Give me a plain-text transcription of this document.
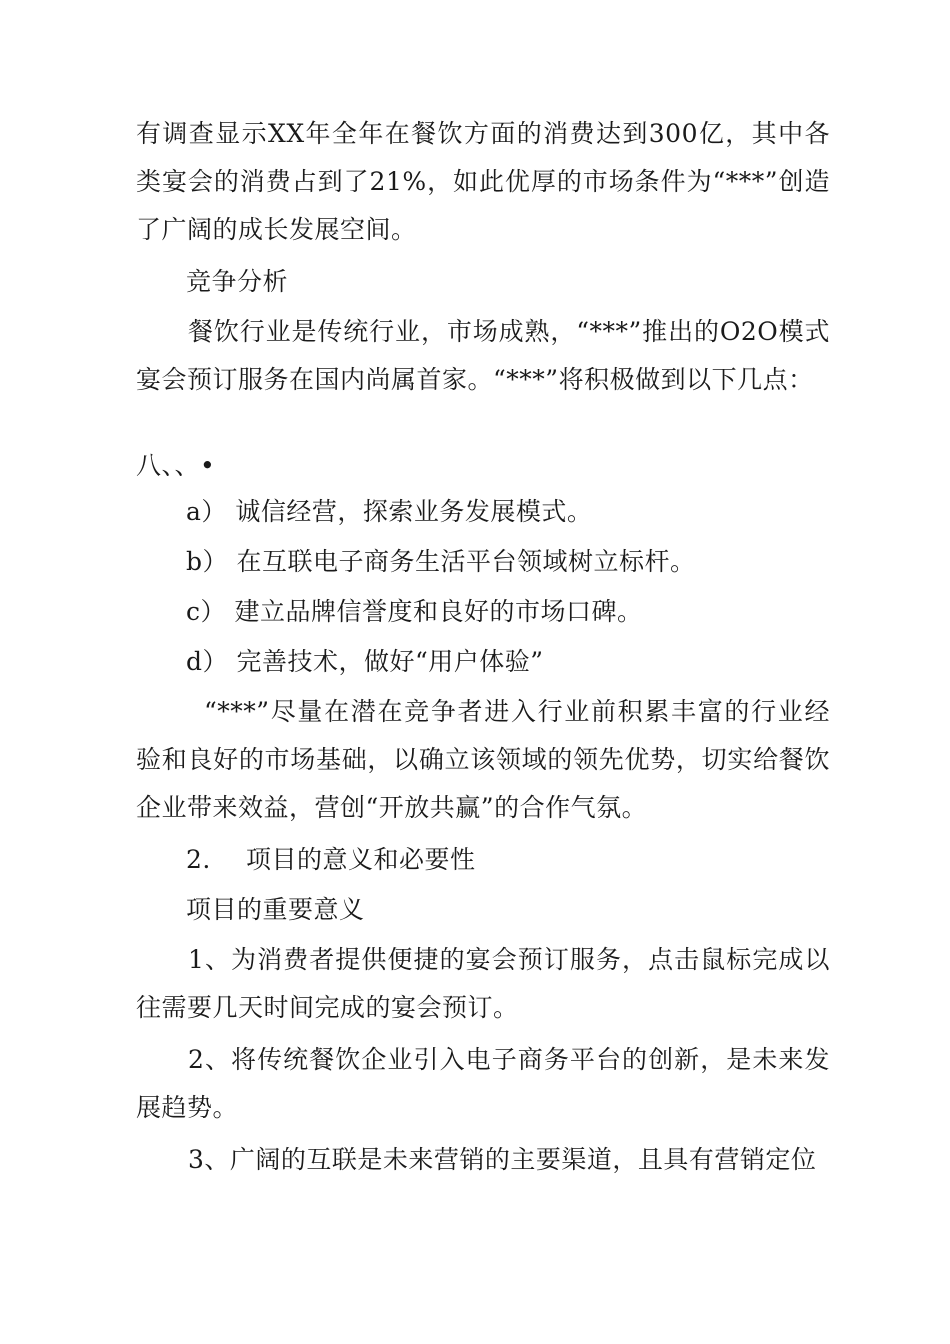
有调查显示XX年全年在餐饮方面的消费达到300亿，其中各类宴会的消费占到了21%，如此优厚的市场条件为“***”创造了广阔的成长发展空间。

竞争分析

餐饮行业是传统行业，市场成熟，“***”推出的O2O模式宴会预订服务在国内尚属首家。“***”将积极做到以下几点：

八、、•

a） 诚信经营，探索业务发展模式。

b） 在互联电子商务生活平台领域树立标杆。

c） 建立品牌信誉度和良好的市场口碑。

d） 完善技术，做好“用户体验”

“***”尽量在潜在竞争者进入行业前积累丰富的行业经验和良好的市场基础，以确立该领域的领先优势，切实给餐饮企业带来效益，营创“开放共赢”的合作气氛。

2. 项目的意义和必要性

项目的重要意义

1、为消费者提供便捷的宴会预订服务，点击鼠标完成以往需要几天时间完成的宴会预订。

2、将传统餐饮企业引入电子商务平台的创新，是未来发展趋势。

3、广阔的互联是未来营销的主要渠道，且具有营销定位
